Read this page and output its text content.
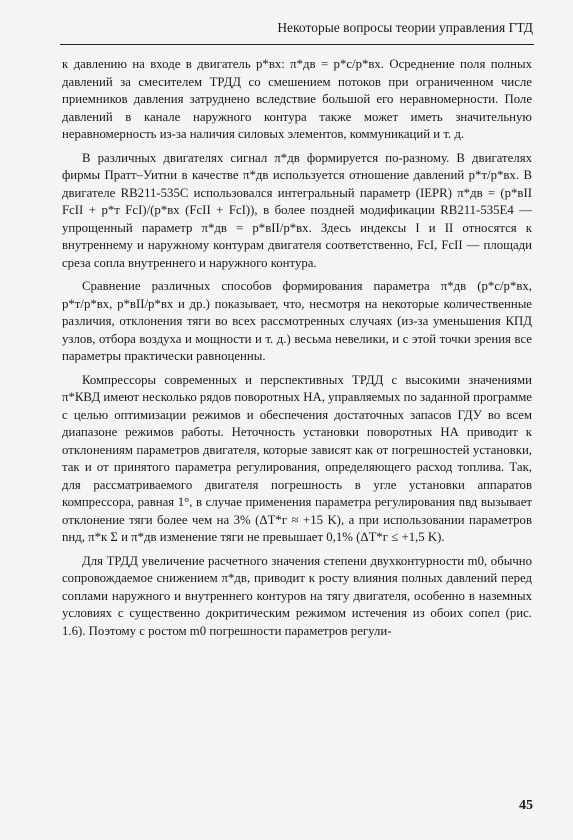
Некоторые вопросы теории управления ГТД

к давлению на входе в двигатель p*вх: π*дв = p*с/p*вх. Осреднение поля полных давлений за смесителем ТРДД со смешением потоков при ограниченном числе приемников давления затруднено вследствие большой его неравномерности. Поле давлений в канале наружного контура также может иметь значительную неравномерность из-за наличия силовых элементов, коммуникаций и т. д.

В различных двигателях сигнал π*дв формируется по-разному. В двигателях фирмы Пратт–Уитни в качестве π*дв используется отношение давлений p*т/p*вх. В двигателе RB211-535C использовался интегральный параметр (IEPR) π*дв = (p*вII FсII + p*т FсI)/(p*вх (FсII + FсI)), в более поздней модификации RB211-535E4 — упрощенный параметр π*дв = p*вII/p*вх. Здесь индексы I и II относятся к внутреннему и наружному контурам двигателя соответственно, FсI, FсII — площади среза сопла внутреннего и наружного контура.

Сравнение различных способов формирования параметра π*дв (p*с/p*вх, p*т/p*вх, p*вII/p*вх и др.) показывает, что, несмотря на некоторые количественные различия, отклонения тяги во всех рассмотренных случаях (из-за уменьшения КПД узлов, отбора воздуха и мощности и т. д.) весьма невелики, и с этой точки зрения все параметры практически равноценны.

Компрессоры современных и перспективных ТРДД с высокими значениями π*КВД имеют несколько рядов поворотных НА, управляемых по заданной программе с целью оптимизации режимов и обеспечения достаточных запасов ГДУ во всем диапазоне режимов работы. Неточность установки поворотных НА приводит к отклонениям параметров двигателя, которые зависят как от погрешностей установки, так и от принятого параметра регулирования, определяющего расход топлива. Так, для рассматриваемого двигателя погрешность в угле установки аппаратов компрессора, равная 1°, в случае применения параметра регулирования nвд вызывает отклонение тяги более чем на 3% (ΔT*г ≈ +15 K), а при использовании параметров nнд, π*к Σ и π*дв изменение тяги не превышает 0,1% (ΔT*г ≤ +1,5 K).

Для ТРДД увеличение расчетного значения степени двухконтурности m0, обычно сопровождаемое снижением π*дв, приводит к росту влияния полных давлений перед соплами наружного и внутреннего контуров на тягу двигателя, особенно в наземных условиях с существенно докритическим режимом истечения из обоих сопел (рис. 1.6). Поэтому с ростом m0 погрешности параметров регули-

45
